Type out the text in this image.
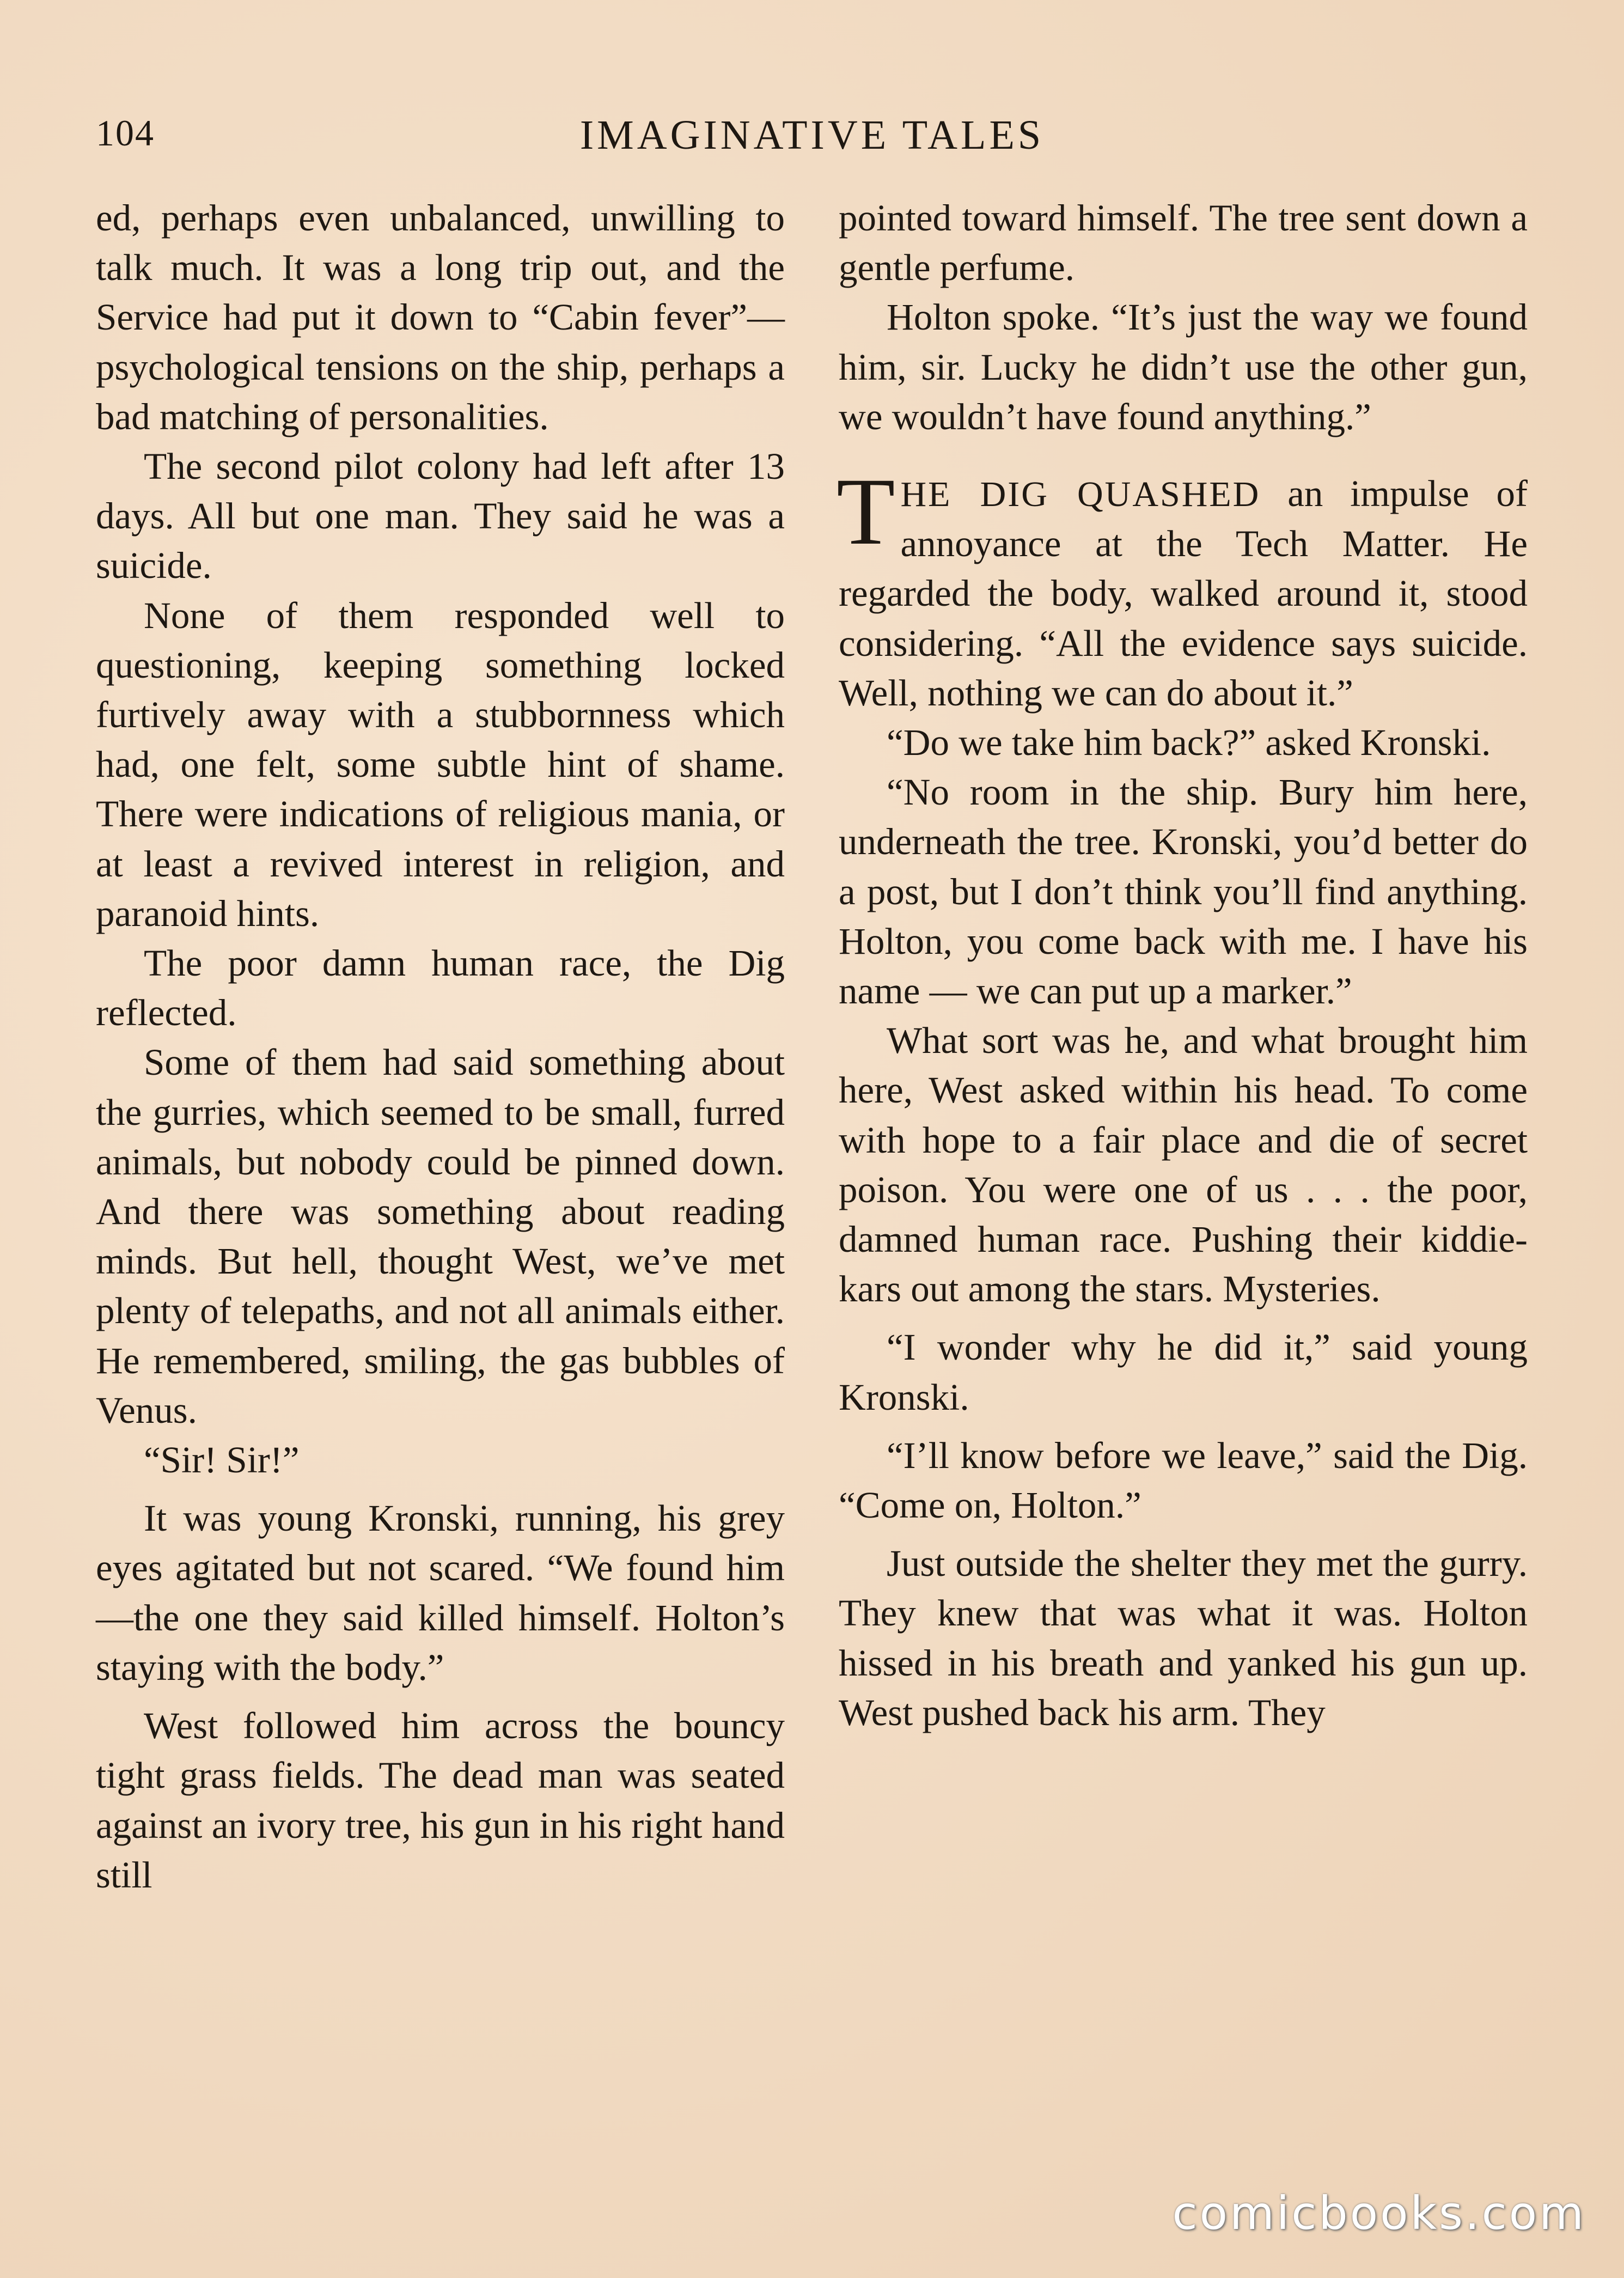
104	IMAGINATIVE TALES

ed, perhaps even unbalanced, unwilling to talk much. It was a long trip out, and the Service had put it down to “Cabin fever”—psychological tensions on the ship, perhaps a bad matching of personalities.

The second pilot colony had left after 13 days. All but one man. They said he was a suicide.

None of them responded well to questioning, keeping something locked furtively away with a stubbornness which had, one felt, some subtle hint of shame. There were indications of religious mania, or at least a revived interest in religion, and paranoid hints.

The poor damn human race, the Dig reflected.

Some of them had said something about the gurries, which seemed to be small, furred animals, but nobody could be pinned down. And there was something about reading minds. But hell, thought West, we’ve met plenty of telepaths, and not all animals either. He remembered, smiling, the gas bubbles of Venus.

“Sir! Sir!”

It was young Kronski, running, his grey eyes agitated but not scared. “We found him—the one they said killed himself. Holton’s staying with the body.”

West followed him across the bouncy tight grass fields. The dead man was seated against an ivory tree, his gun in his right hand still

pointed toward himself. The tree sent down a gentle perfume.

Holton spoke. “It’s just the way we found him, sir. Lucky he didn’t use the other gun, we wouldn’t have found anything.”

THE DIG QUASHED an impulse of annoyance at the Tech Matter. He regarded the body, walked around it, stood considering. “All the evidence says suicide. Well, nothing we can do about it.”

“Do we take him back?” asked Kronski.

“No room in the ship. Bury him here, underneath the tree. Kronski, you’d better do a post, but I don’t think you’ll find anything. Holton, you come back with me. I have his name — we can put up a marker.”

What sort was he, and what brought him here, West asked within his head. To come with hope to a fair place and die of secret poison. You were one of us . . . the poor, damned human race. Pushing their kiddie-kars out among the stars. Mysteries.

“I wonder why he did it,” said young Kronski.

“I’ll know before we leave,” said the Dig. “Come on, Holton.”

Just outside the shelter they met the gurry. They knew that was what it was. Holton hissed in his breath and yanked his gun up. West pushed back his arm. They

comicbooks.com
